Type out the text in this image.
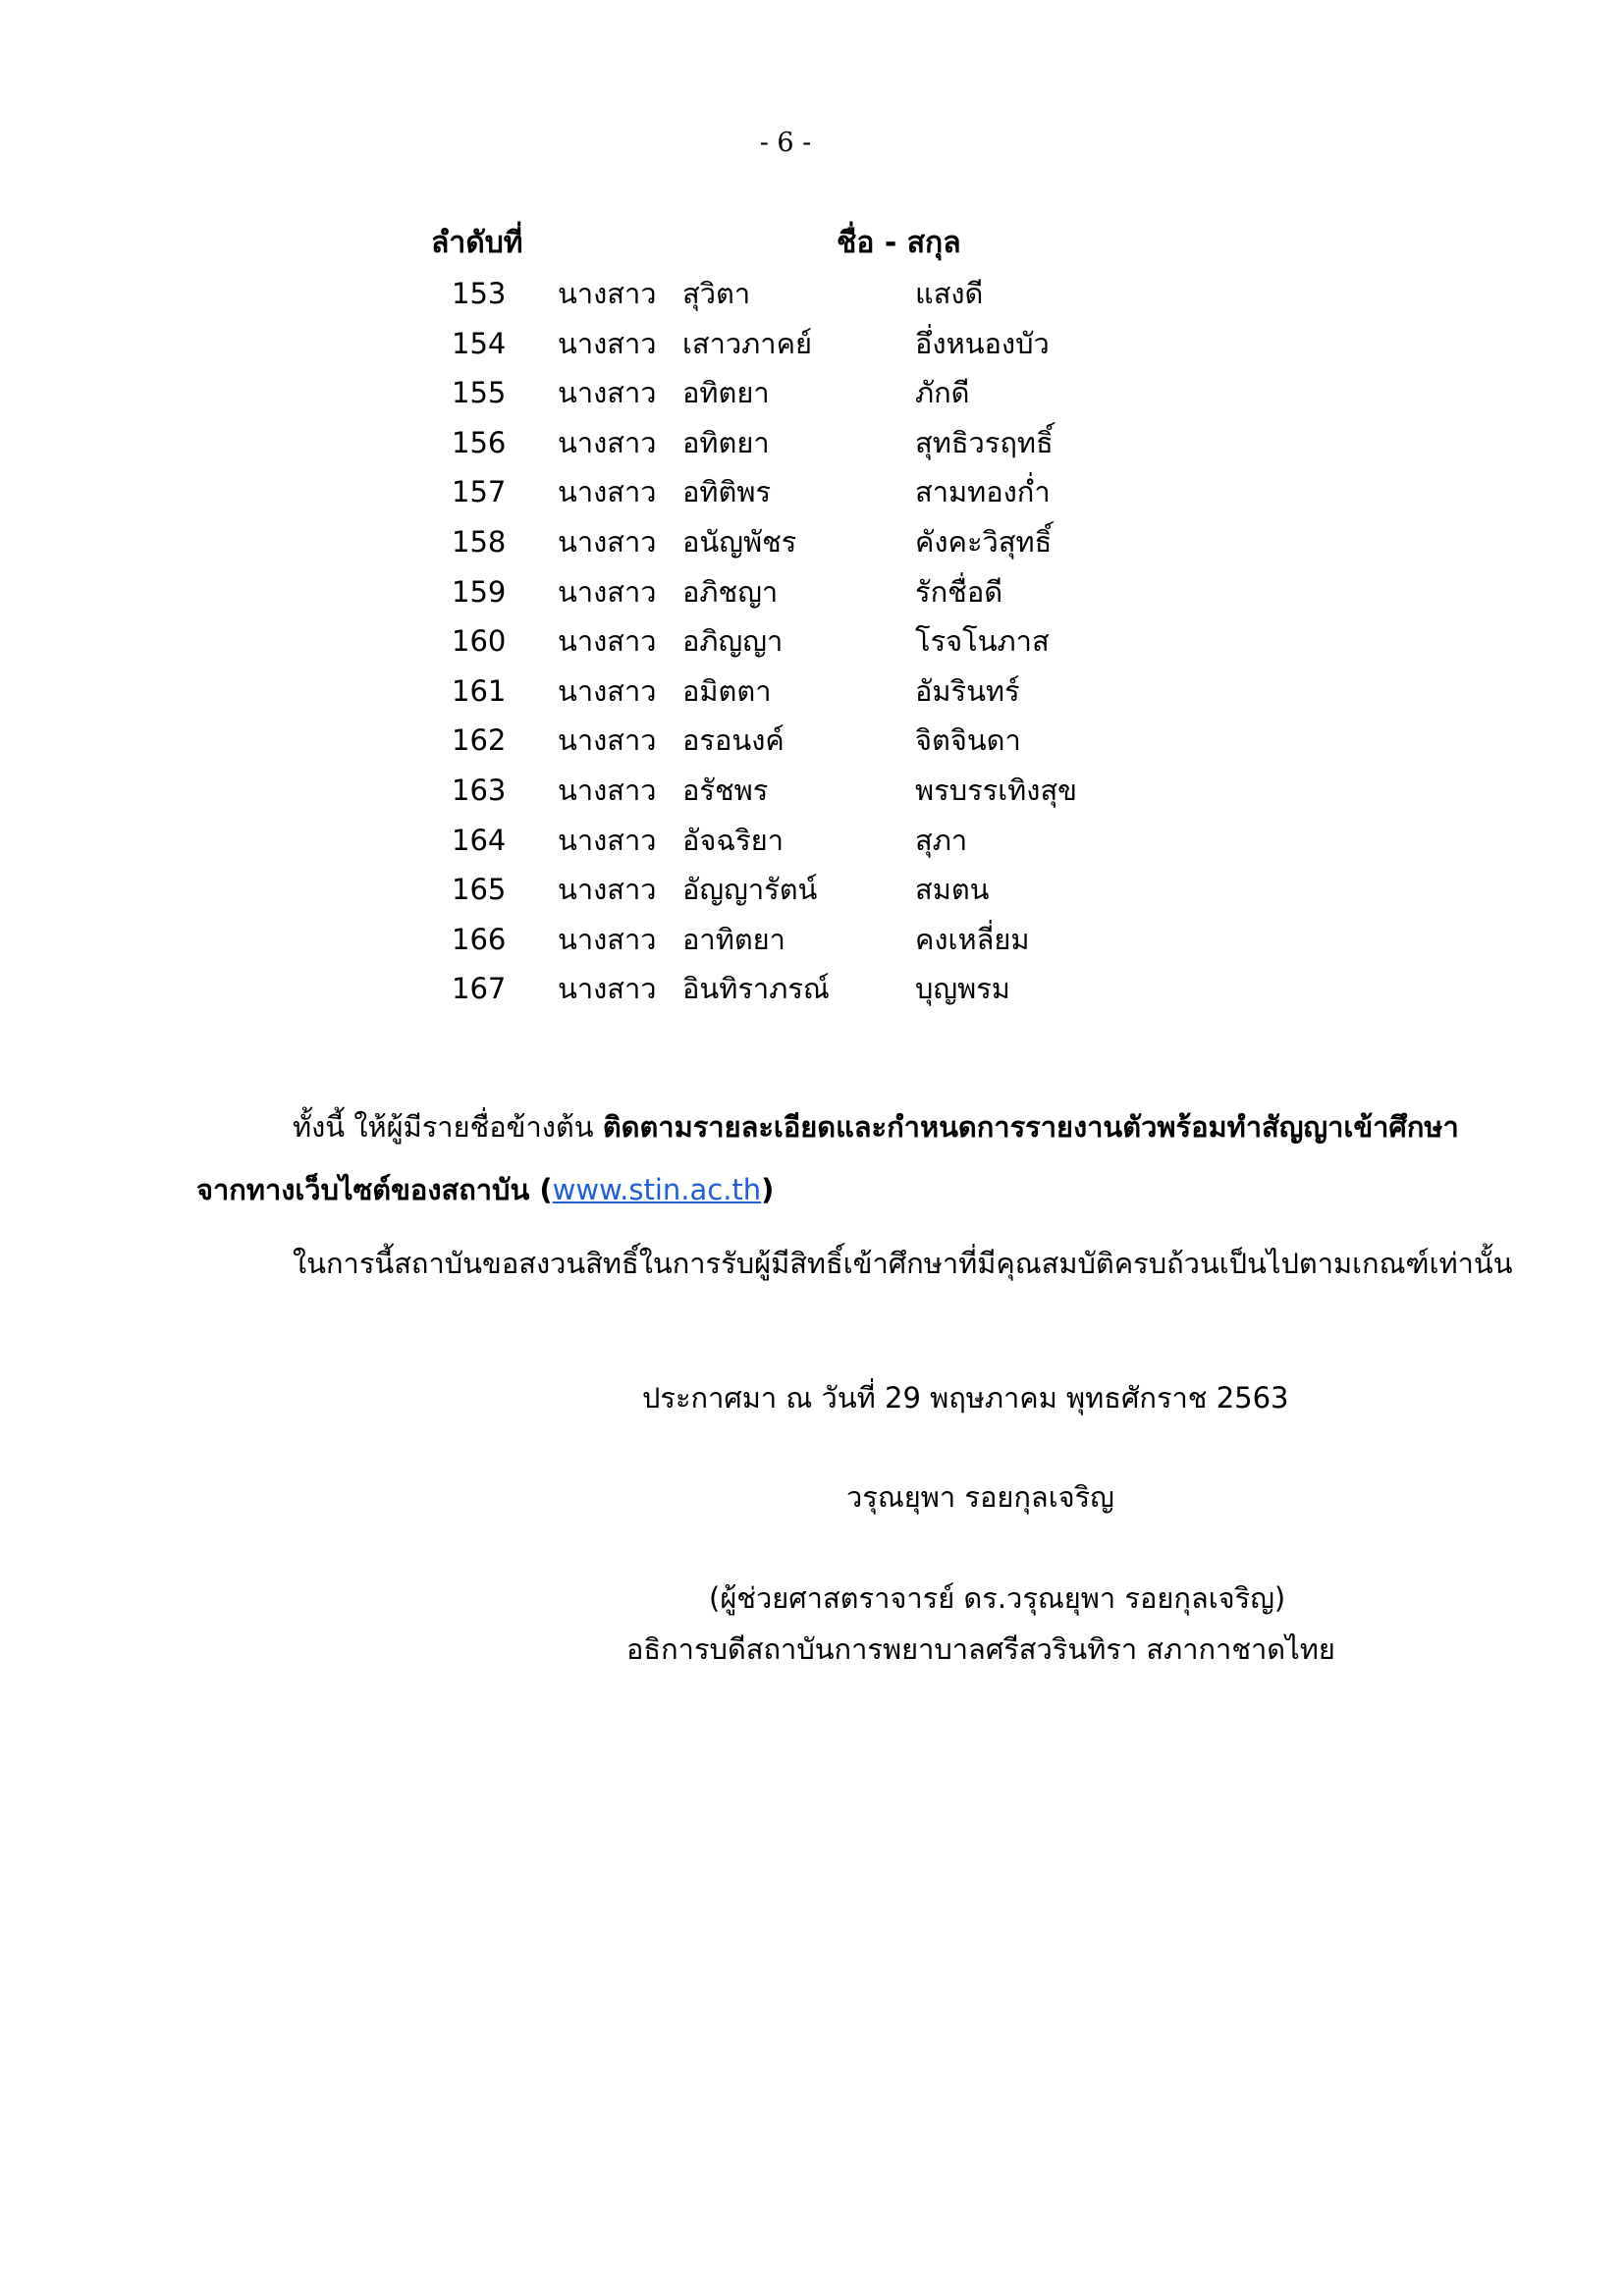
- 6 -
ลำดับที่	ชื่อ - สกุล
153 นางสาว สุวิตา	แสงดี
154 นางสาว เสาวภาคย์	อึ่งหนองบัว
155 นางสาว อทิตยา	ภักดี
156 นางสาว อทิตยา	สุทธิวรฤทธิ์
157 นางสาว อทิติพร	สามทองกํ่า
158 นางสาว อนัญพัชร	คังคะวิสุทธิ์
159 นางสาว อภิชญา	รักชื่อดี
160 นางสาว อภิญญา	โรจโนภาส
161 นางสาว อมิตตา	อัมรินทร์
162 นางสาว อรอนงค์	จิตจินดา
163 นางสาว อรัชพร	พรบรรเทิงสุข
164 นางสาว อัจฉริยา	สุภา
165 นางสาว อัญญารัตน์	สมตน
166 นางสาว อาทิตยา	คงเหลี่ยม
167 นางสาว อินทิราภรณ์	บุญพรม
ทั้งนี้ ให้ผู้มีรายชื่อข้างต้น ติดตามรายละเอียดและกำหนดการรายงานตัวพร้อมทำสัญญาเข้าศึกษา
จากทางเว็บไซต์ของสถาบัน (www.stin.ac.th)
ในการนี้สถาบันขอสงวนสิทธิ์ในการรับผู้มีสิทธิ์เข้าศึกษาที่มีคุณสมบัติครบถ้วนเป็นไปตามเกณฑ์เท่านั้น
ประกาศมา ณ วันที่ 29 พฤษภาคม พุทธศักราช 2563
วรุณยุพา รอยกุลเจริญ
(ผู้ช่วยศาสตราจารย์ ดร.วรุณยุพา รอยกุลเจริญ)
อธิการบดีสถาบันการพยาบาลศรีสวรินทิรา สภากาชาดไทย
